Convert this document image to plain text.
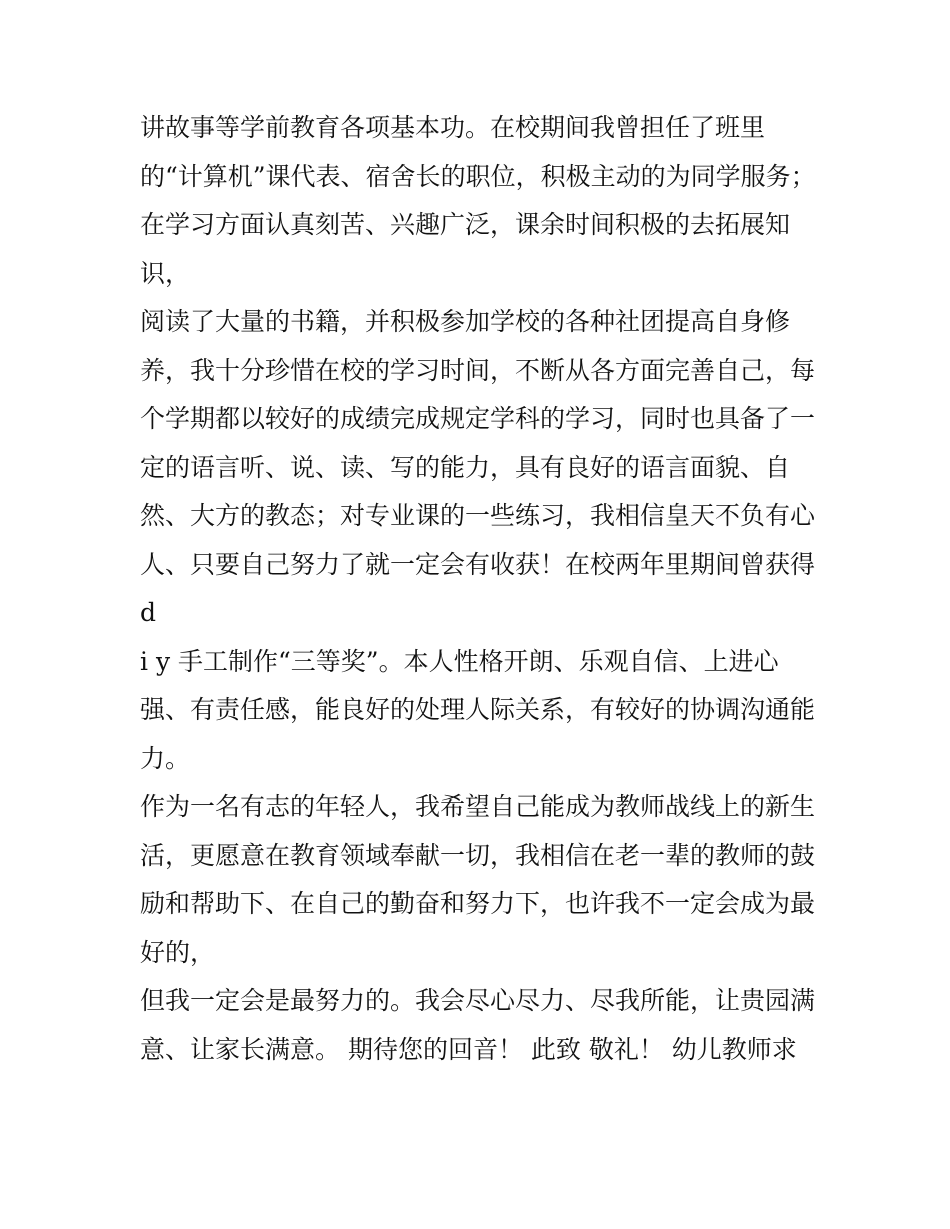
讲故事等学前教育各项基本功。在校期间我曾担任了班里
的“计算机”课代表、宿舍长的职位，积极主动的为同学服务；
在学习方面认真刻苦、兴趣广泛，课余时间积极的去拓展知
识，
阅读了大量的书籍，并积极参加学校的各种社团提高自身修
养，我十分珍惜在校的学习时间，不断从各方面完善自己，每
个学期都以较好的成绩完成规定学科的学习，同时也具备了一
定的语言听、说、读、写的能力，具有良好的语言面貌、自
然、大方的教态；对专业课的一些练习，我相信皇天不负有心
人、只要自己努力了就一定会有收获！在校两年里期间曾获得
d
i y 手工制作“三等奖”。本人性格开朗、乐观自信、上进心
强、有责任感，能良好的处理人际关系，有较好的协调沟通能
力。
作为一名有志的年轻人，我希望自己能成为教师战线上的新生
活，更愿意在教育领域奉献一切，我相信在老一辈的教师的鼓
励和帮助下、在自己的勤奋和努力下，也许我不一定会成为最
好的，
但我一定会是最努力的。我会尽心尽力、尽我所能，让贵园满
意、让家长满意。 期待您的回音！ 此致 敬礼！ 幼儿教师求
